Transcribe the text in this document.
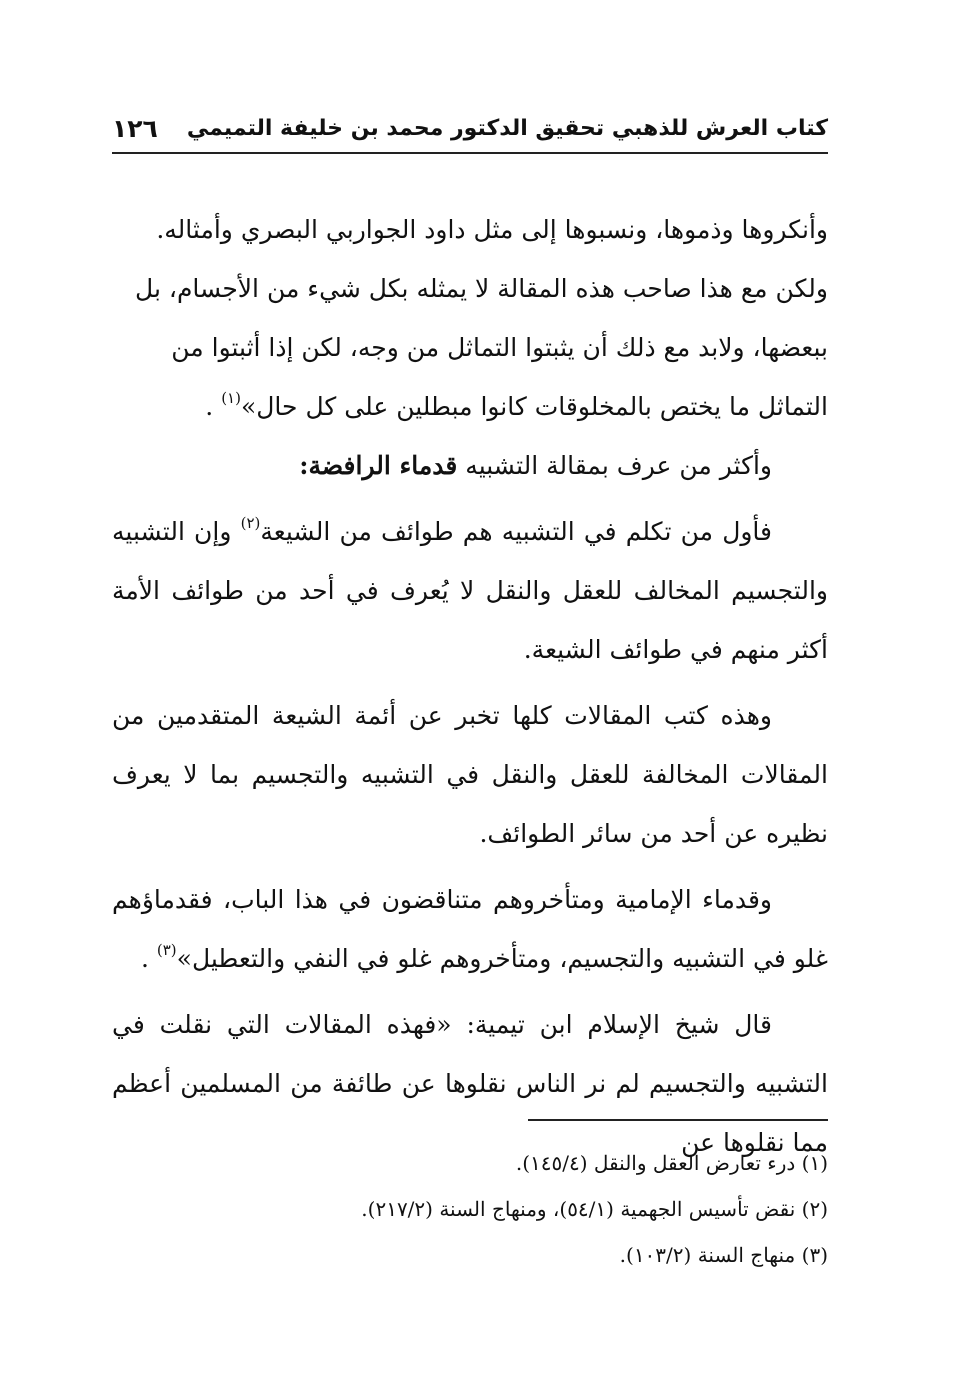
كتاب العرش للذهبي تحقيق الدكتور محمد بن خليفة التميمي
١٢٦

وأنكروها وذموها، ونسبوها إلى مثل داود الجواربي البصري وأمثاله.

ولكن مع هذا صاحب هذه المقالة لا يمثله بكل شيء من الأجسام، بل

ببعضها، ولابد مع ذلك أن يثبتوا التماثل من وجه، لكن إذا أثبتوا من

التماثل ما يختص بالمخلوقات كانوا مبطلين على كل حال»$^{(١)}$ .

وأكثر من عرف بمقالة التشبيه قدماء الرافضة:

فأول من تكلم في التشبيه هم طوائف من الشيعة$^{(٢)}$ وإن التشبيه والتجسيم المخالف للعقل والنقل لا يُعرف في أحد من طوائف الأمة أكثر منهم في طوائف الشيعة.

وهذه كتب المقالات كلها تخبر عن أئمة الشيعة المتقدمين من المقالات المخالفة للعقل والنقل في التشبيه والتجسيم بما لا يعرف نظيره عن أحد من سائر الطوائف.

وقدماء الإمامية ومتأخروهم متناقضون في هذا الباب، فقدماؤهم غلو في التشبيه والتجسيم، ومتأخروهم غلو في النفي والتعطيل»$^{(٣)}$ .

قال شيخ الإسلام ابن تيمية: «فهذه المقالات التي نقلت في التشبيه والتجسيم لم نر الناس نقلوها عن طائفة من المسلمين أعظم مما نقلوها عن

(١) درء تعارض العقل والنقل (١٤٥/٤).

(٢) نقض تأسيس الجهمية (٥٤/١)، ومنهاج السنة (٢١٧/٢).

(٣) منهاج السنة (١٠٣/٢).
